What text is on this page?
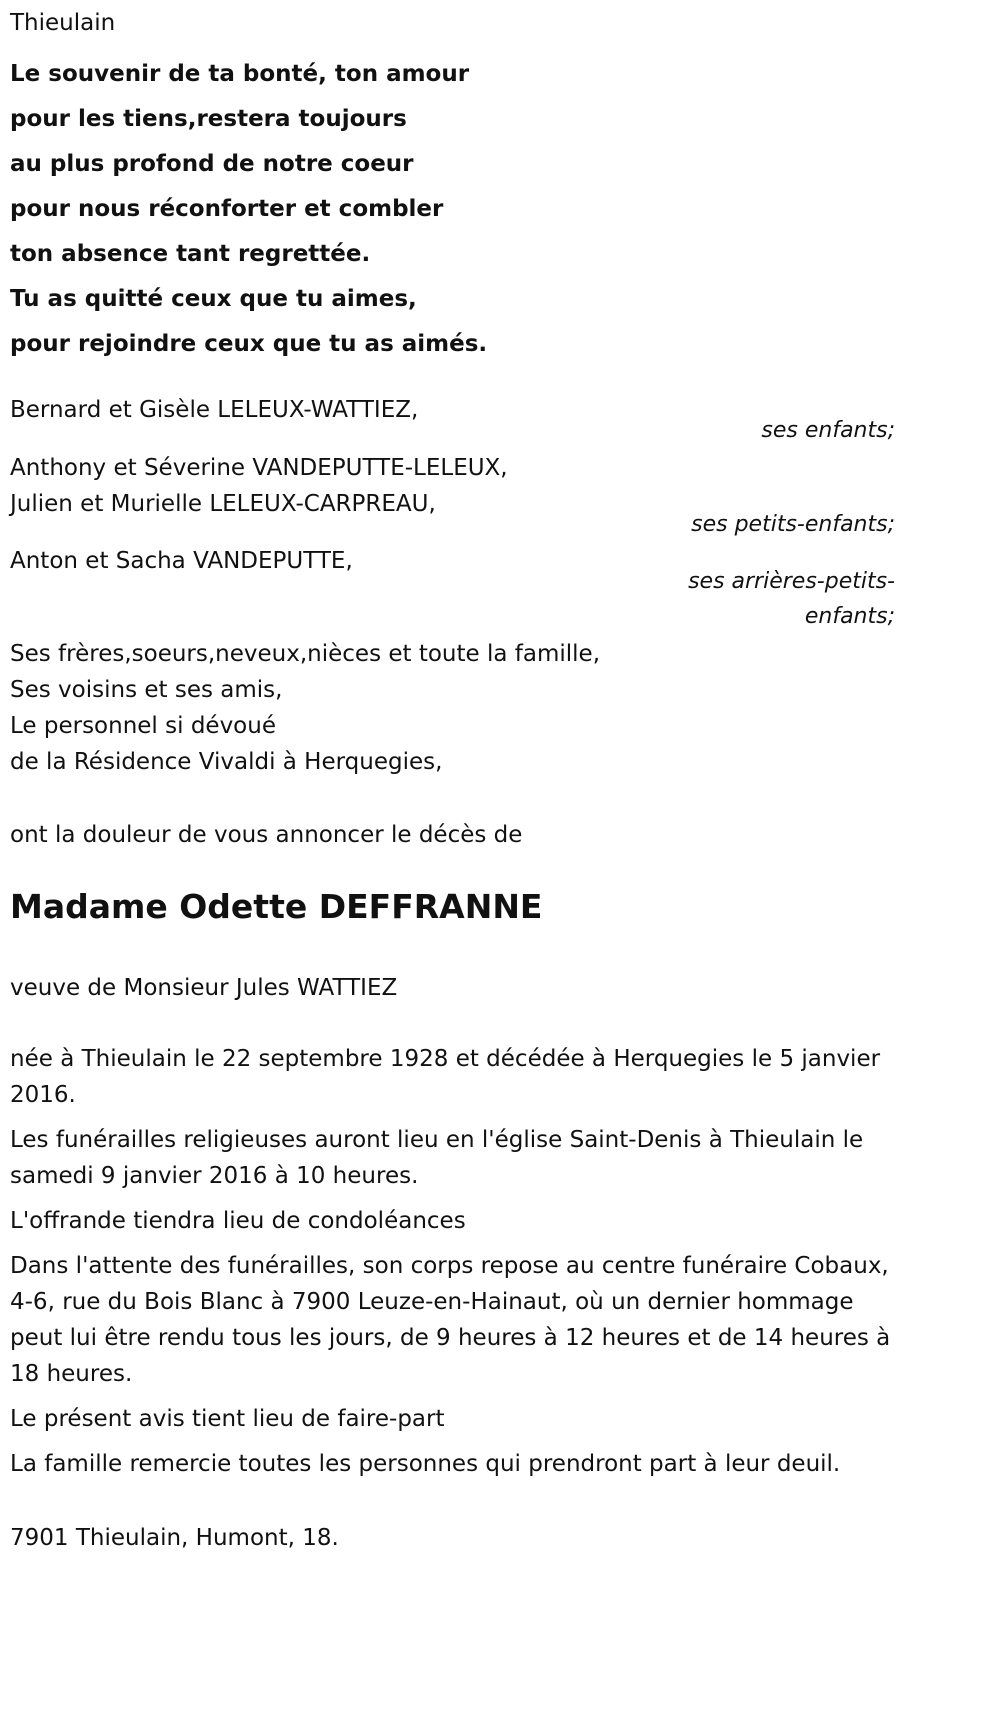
Thieulain
Le souvenir de ta bonté, ton amour
pour les tiens,restera toujours
au plus profond de notre coeur
pour nous réconforter et combler
ton absence tant regrettée.
Tu as quitté ceux que tu aimes,
pour rejoindre ceux que tu as aimés.
Bernard et Gisèle LELEUX-WATTIEZ,
ses enfants;
Anthony et Séverine VANDEPUTTE-LELEUX,
Julien et Murielle LELEUX-CARPREAU,
ses petits-enfants;
Anton et Sacha VANDEPUTTE,
ses arrières-petits-enfants;
Ses frères,soeurs,neveux,nièces et toute la famille,
Ses voisins et ses amis,
Le personnel si dévoué
de la Résidence Vivaldi à Herquegies,
ont la douleur de vous annoncer le décès de
Madame Odette DEFFRANNE
veuve de Monsieur Jules WATTIEZ
née à Thieulain le 22 septembre 1928 et décédée à Herquegies le 5 janvier 2016.
Les funérailles religieuses auront lieu en l'église Saint-Denis à Thieulain le samedi 9 janvier 2016 à 10 heures.
L'offrande tiendra lieu de condoléances
Dans l'attente des funérailles, son corps repose au centre funéraire Cobaux, 4-6, rue du Bois Blanc à 7900 Leuze-en-Hainaut, où un dernier hommage peut lui être rendu tous les jours, de 9 heures à 12 heures et de 14 heures à 18 heures.
Le présent avis tient lieu de faire-part
La famille remercie toutes les personnes qui prendront part à leur deuil.
7901 Thieulain, Humont, 18.
